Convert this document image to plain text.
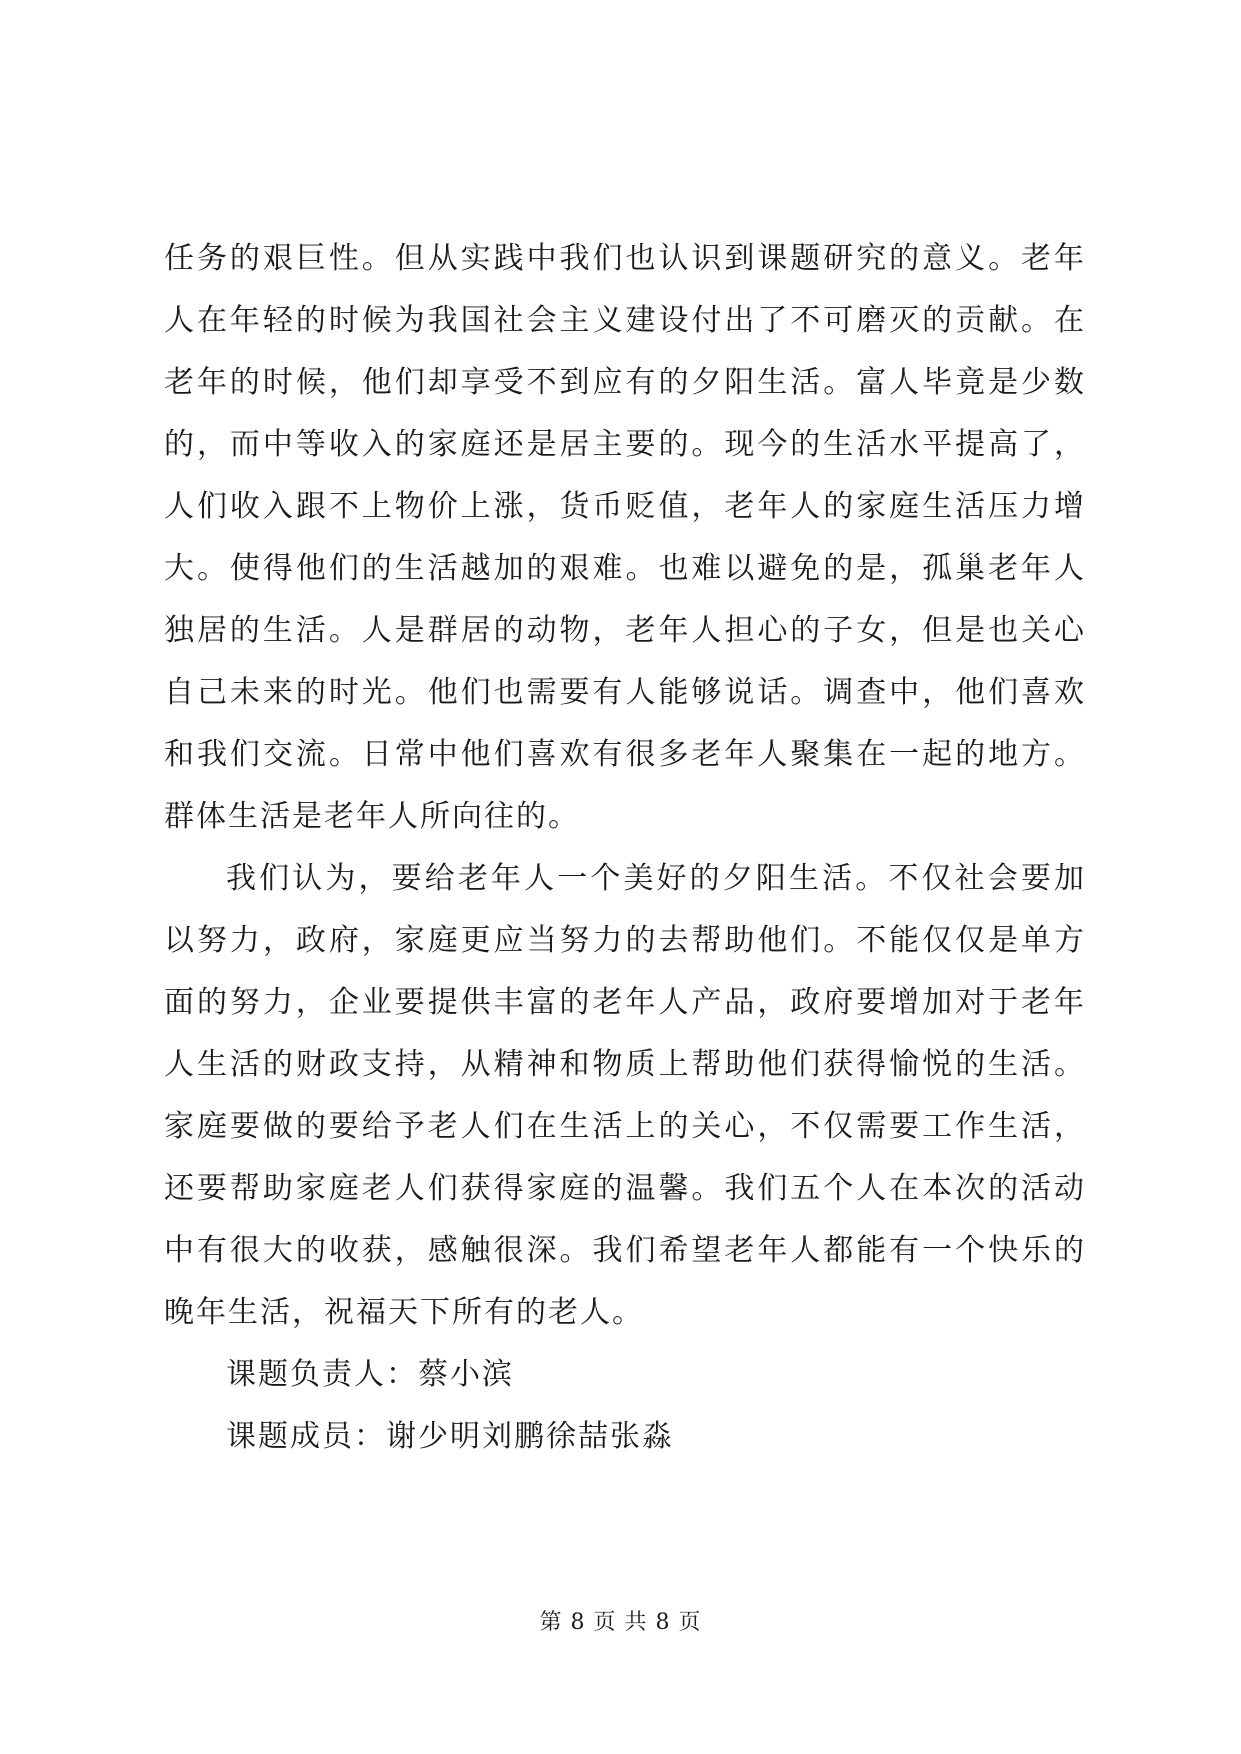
任务的艰巨性。但从实践中我们也认识到课题研究的意义。老年
人在年轻的时候为我国社会主义建设付出了不可磨灭的贡献。在
老年的时候，他们却享受不到应有的夕阳生活。富人毕竟是少数
的，而中等收入的家庭还是居主要的。现今的生活水平提高了，
人们收入跟不上物价上涨，货币贬值，老年人的家庭生活压力增
大。使得他们的生活越加的艰难。也难以避免的是，孤巢老年人
独居的生活。人是群居的动物，老年人担心的子女，但是也关心
自己未来的时光。他们也需要有人能够说话。调查中，他们喜欢
和我们交流。日常中他们喜欢有很多老年人聚集在一起的地方。
群体生活是老年人所向往的。
我们认为，要给老年人一个美好的夕阳生活。不仅社会要加
以努力，政府，家庭更应当努力的去帮助他们。不能仅仅是单方
面的努力，企业要提供丰富的老年人产品，政府要增加对于老年
人生活的财政支持，从精神和物质上帮助他们获得愉悦的生活。
家庭要做的要给予老人们在生活上的关心，不仅需要工作生活，
还要帮助家庭老人们获得家庭的温馨。我们五个人在本次的活动
中有很大的收获，感触很深。我们希望老年人都能有一个快乐的
晚年生活，祝福天下所有的老人。
课题负责人：蔡小滨
课题成员：谢少明刘鹏徐喆张淼
第 8 页 共 8 页
